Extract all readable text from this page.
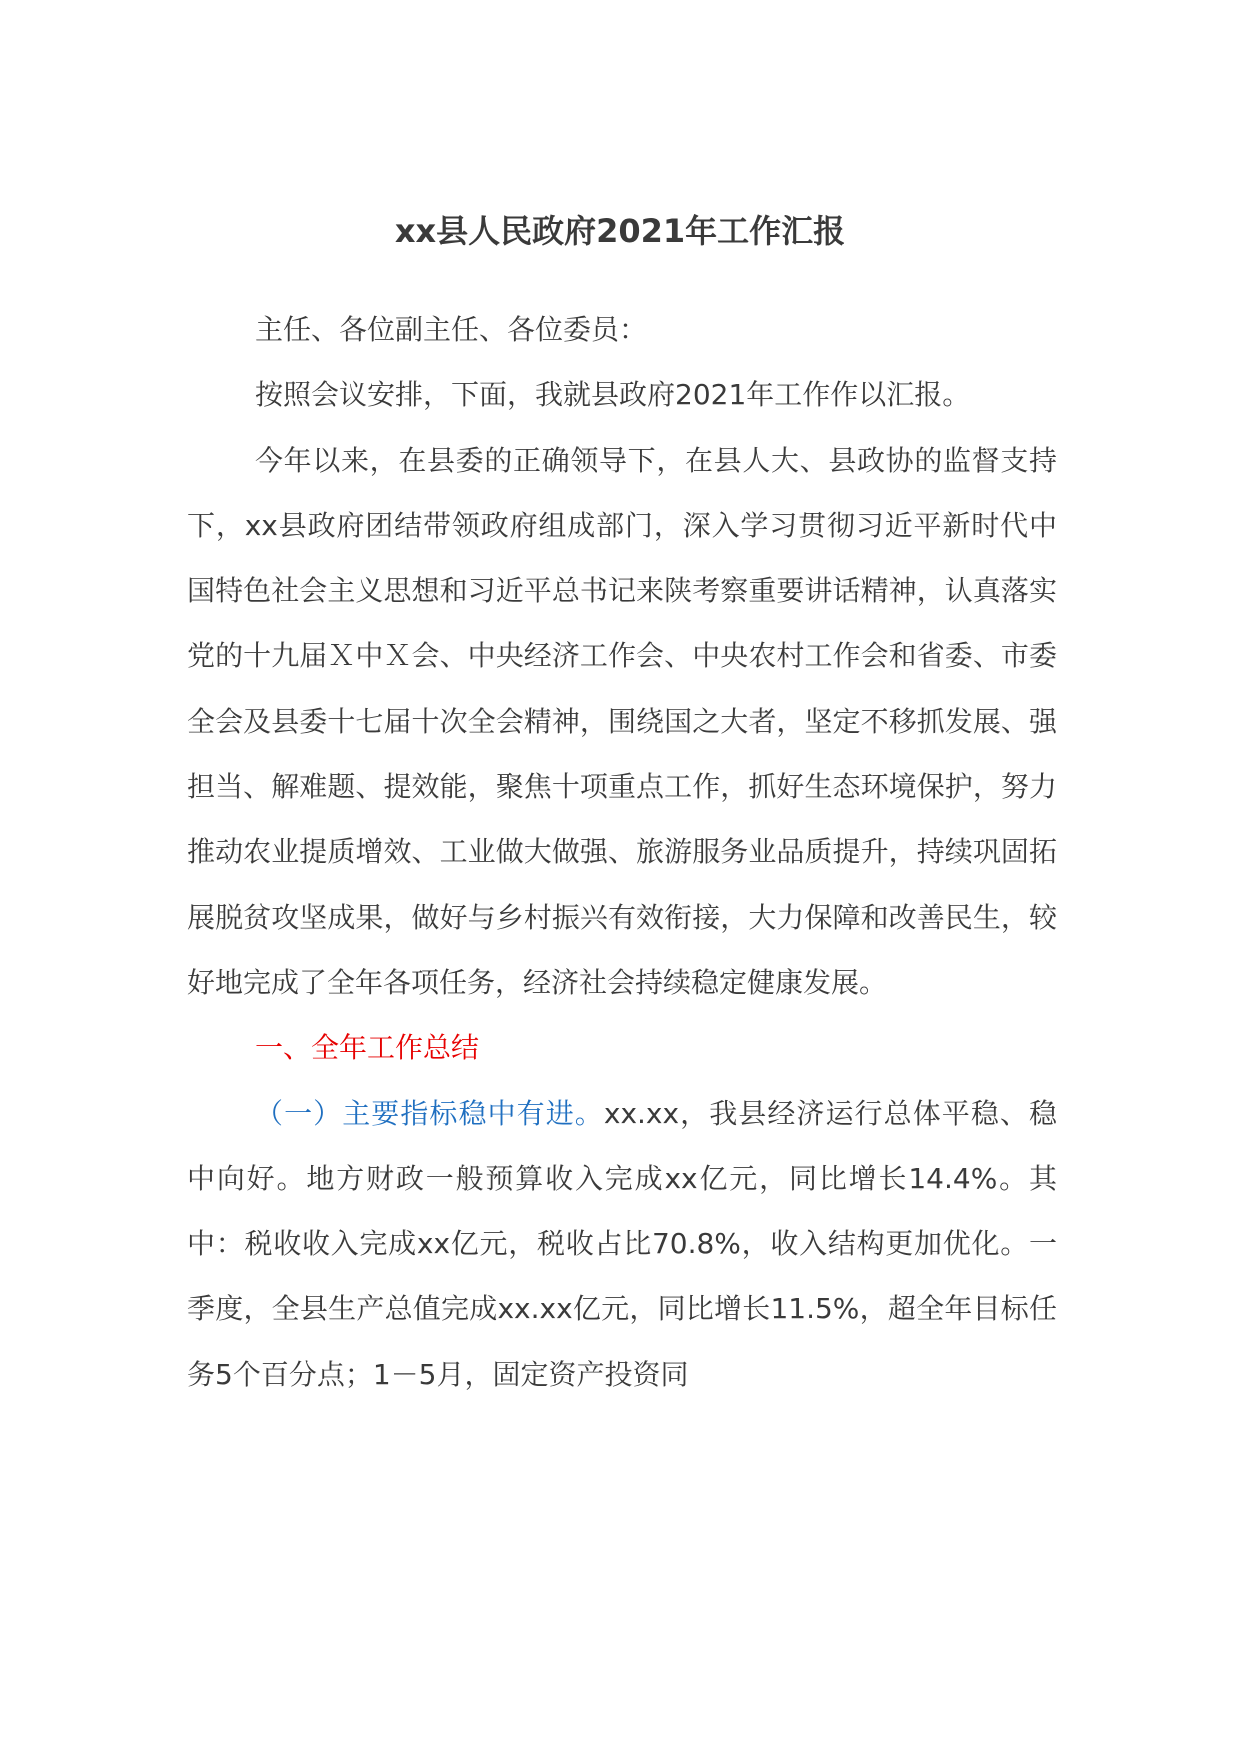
xx县人民政府2021年工作汇报

主任、各位副主任、各位委员：

按照会议安排，下面，我就县政府2021年工作作以汇报。

今年以来，在县委的正确领导下，在县人大、县政协的监督支持下，xx县政府团结带领政府组成部门，深入学习贯彻习近平新时代中国特色社会主义思想和习近平总书记来陕考察重要讲话精神，认真落实党的十九届Ｘ中Ｘ会、中央经济工作会、中央农村工作会和省委、市委全会及县委十七届十次全会精神，围绕国之大者，坚定不移抓发展、强担当、解难题、提效能，聚焦十项重点工作，抓好生态环境保护，努力推动农业提质增效、工业做大做强、旅游服务业品质提升，持续巩固拓展脱贫攻坚成果，做好与乡村振兴有效衔接，大力保障和改善民生，较好地完成了全年各项任务，经济社会持续稳定健康发展。

一、全年工作总结

（一）主要指标稳中有进。xx.xx，我县经济运行总体平稳、稳中向好。地方财政一般预算收入完成xx亿元，同比增长14.4%。其中：税收收入完成xx亿元，税收占比70.8%，收入结构更加优化。一季度，全县生产总值完成xx.xx亿元，同比增长11.5%，超全年目标任务5个百分点；1－5月，固定资产投资同
